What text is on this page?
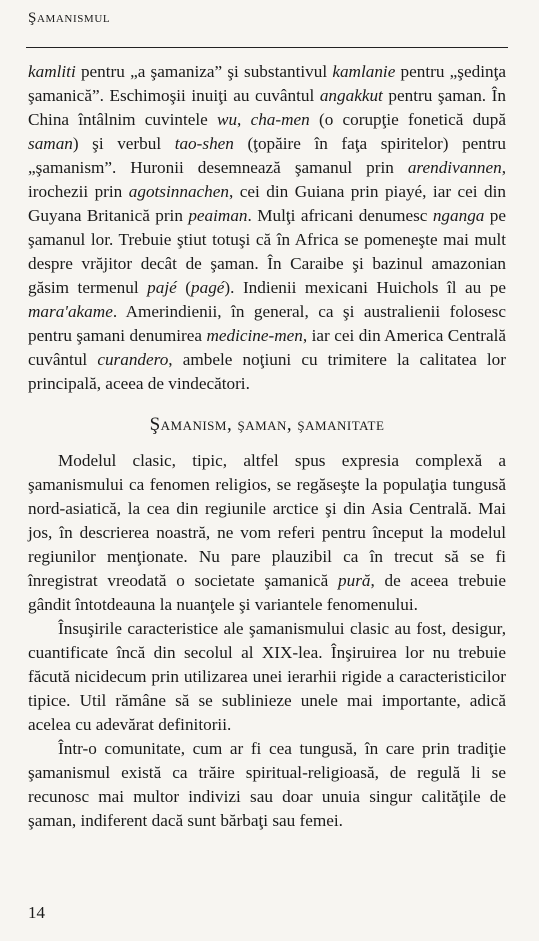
Şamanismul

kamliti pentru „a şamaniza” şi substantivul kamlanie pentru „şedinţa şamanică”. Eschimoşii inuiţi au cuvântul angakkut pentru şaman. În China întâlnim cuvintele wu, cha-men (o corupţie fonetică după saman) şi verbul tao-shen (ţopăire în faţa spiritelor) pentru „şamanism”. Huronii desemnează şamanul prin arendivannen, irochezii prin agotsinnachen, cei din Guiana prin piayé, iar cei din Guyana Britanică prin peaiman. Mulţi africani denumesc nganga pe şamanul lor. Trebuie ştiut totuşi că în Africa se pomeneşte mai mult despre vrăjitor decât de şaman. În Caraibe şi bazinul amazonian găsim termenul pajé (pagé). Indienii mexicani Huichols îl au pe mara'akame. Amerindienii, în general, ca şi australienii folosesc pentru şamani denumirea medicine-men, iar cei din America Centrală cuvântul curandero, ambele noţiuni cu trimitere la calitatea lor principală, aceea de vindecători.

Şamanism, şaman, şamanitate

Modelul clasic, tipic, altfel spus expresia complexă a şamanismului ca fenomen religios, se regăseşte la populaţia tungusă nord-asiatică, la cea din regiunile arctice şi din Asia Centrală. Mai jos, în descrierea noastră, ne vom referi pentru început la modelul regiunilor menţionate. Nu pare plauzibil ca în trecut să se fi înregistrat vreodată o societate şamanică pură, de aceea trebuie gândit întotdeauna la nuanţele şi variantele fenomenului.

Însuşirile caracteristice ale şamanismului clasic au fost, desigur, cuantificate încă din secolul al XIX-lea. Înşiruirea lor nu trebuie făcută nicidecum prin utilizarea unei ierarhii rigide a caracteristicilor tipice. Util rămâne să se sublinieze unele mai importante, adică acelea cu adevărat definitorii.

Într-o comunitate, cum ar fi cea tungusă, în care prin tradiţie şamanismul există ca trăire spiritual-religioasă, de regulă li se recunosc mai multor indivizi sau doar unuia singur calităţile de şaman, indiferent dacă sunt bărbaţi sau femei.

14
